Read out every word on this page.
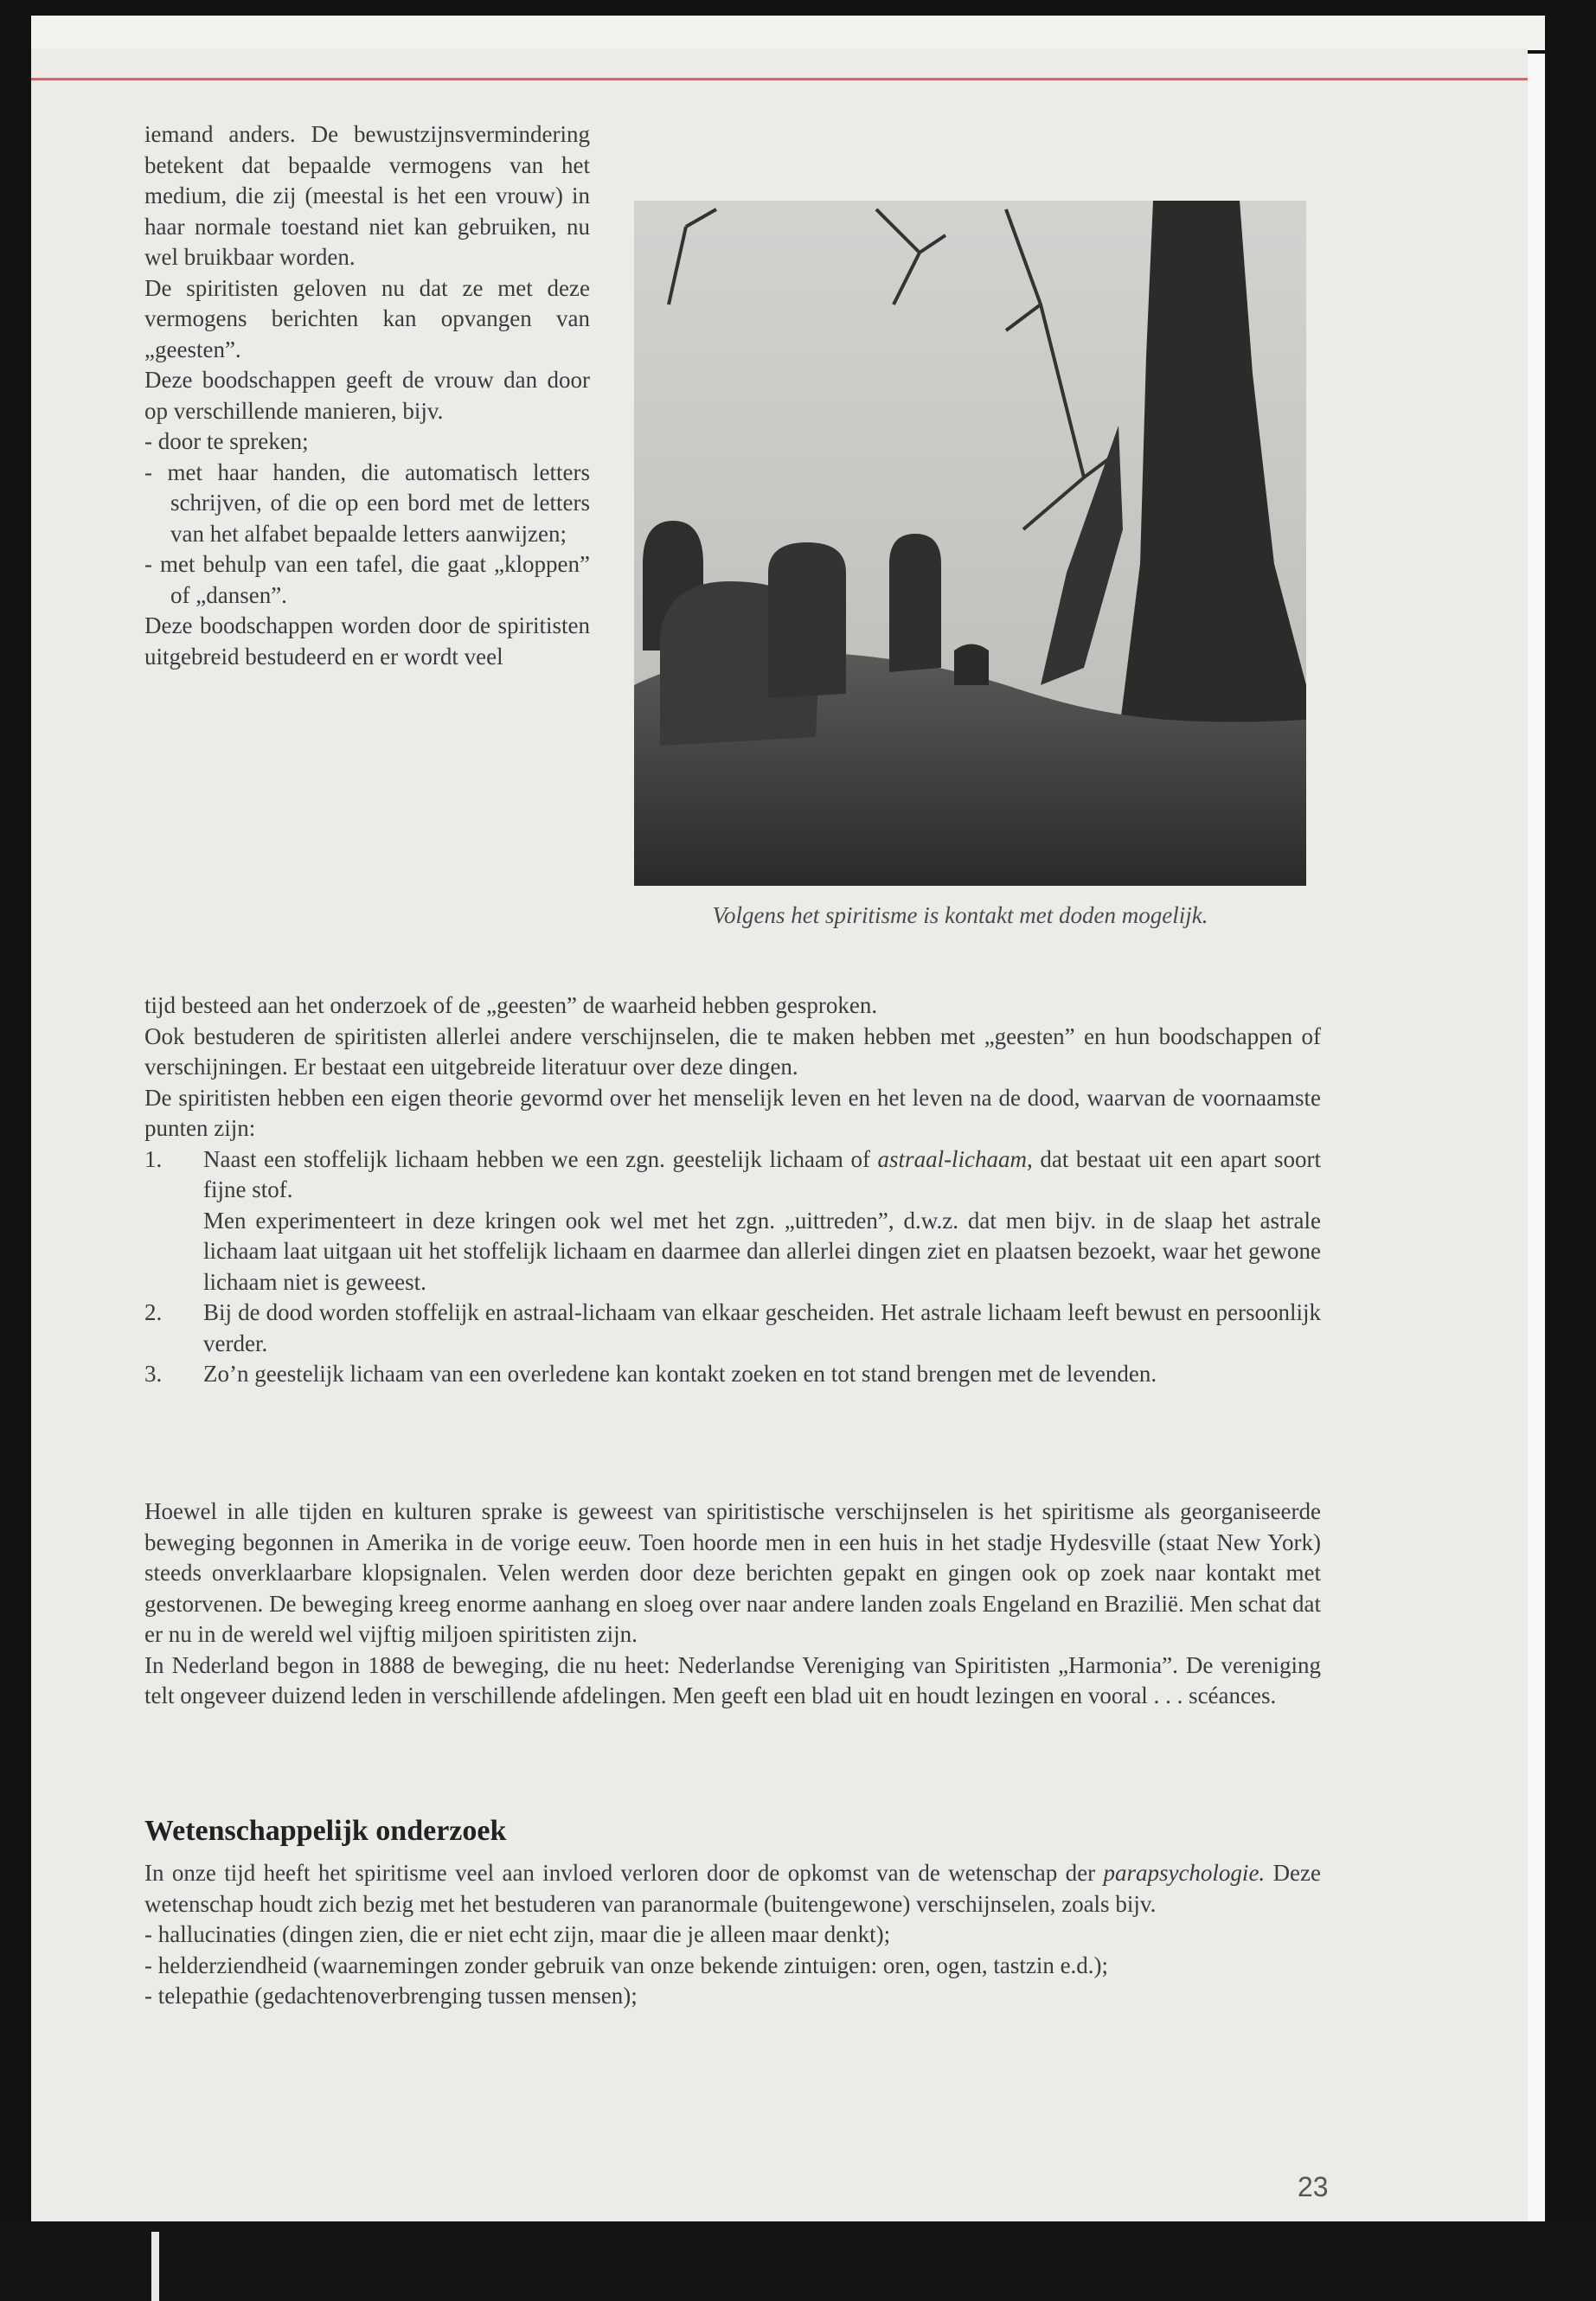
iemand anders. De bewustzijnsvermindering betekent dat bepaalde vermogens van het medium, die zij (meestal is het een vrouw) in haar normale toestand niet kan gebruiken, nu wel bruikbaar worden.

De spiritisten geloven nu dat ze met deze vermogens berichten kan opvangen van „geesten”.

Deze boodschappen geeft de vrouw dan door op verschillende manieren, bijv.

- door te spreken;

- met haar handen, die automatisch letters schrijven, of die op een bord met de letters van het alfabet bepaalde letters aanwijzen;

- met behulp van een tafel, die gaat „kloppen” of „dansen”.

Deze boodschappen worden door de spiritisten uitgebreid bestudeerd en er wordt veel

Volgens het spiritisme is kontakt met doden mogelijk.

tijd besteed aan het onderzoek of de „geesten” de waarheid hebben gesproken.

Ook bestuderen de spiritisten allerlei andere verschijnselen, die te maken hebben met „geesten” en hun boodschappen of verschijningen. Er bestaat een uitgebreide literatuur over deze dingen.

De spiritisten hebben een eigen theorie gevormd over het menselijk leven en het leven na de dood, waarvan de voornaamste punten zijn:

1. Naast een stoffelijk lichaam hebben we een zgn. geestelijk lichaam of astraal-lichaam, dat bestaat uit een apart soort fijne stof.

Men experimenteert in deze kringen ook wel met het zgn. „uittreden”, d.w.z. dat men bijv. in de slaap het astrale lichaam laat uitgaan uit het stoffelijk lichaam en daarmee dan allerlei dingen ziet en plaatsen bezoekt, waar het gewone lichaam niet is geweest.

2. Bij de dood worden stoffelijk en astraal-lichaam van elkaar gescheiden. Het astrale lichaam leeft bewust en persoonlijk verder.

3. Zo’n geestelijk lichaam van een overledene kan kontakt zoeken en tot stand brengen met de levenden.

Hoewel in alle tijden en kulturen sprake is geweest van spiritistische verschijnselen is het spiritisme als georganiseerde beweging begonnen in Amerika in de vorige eeuw. Toen hoorde men in een huis in het stadje Hydesville (staat New York) steeds onverklaarbare klopsignalen. Velen werden door deze berichten gepakt en gingen ook op zoek naar kontakt met gestorvenen. De beweging kreeg enorme aanhang en sloeg over naar andere landen zoals Engeland en Brazilië. Men schat dat er nu in de wereld wel vijftig miljoen spiritisten zijn.

In Nederland begon in 1888 de beweging, die nu heet: Nederlandse Vereniging van Spiritisten „Harmonia”. De vereniging telt ongeveer duizend leden in verschillende afdelingen. Men geeft een blad uit en houdt lezingen en vooral . . . scéances.

Wetenschappelijk onderzoek

In onze tijd heeft het spiritisme veel aan invloed verloren door de opkomst van de wetenschap der parapsychologie. Deze wetenschap houdt zich bezig met het bestuderen van paranormale (buitengewone) verschijnselen, zoals bijv.

- hallucinaties (dingen zien, die er niet echt zijn, maar die je alleen maar denkt);

- helderziendheid (waarnemingen zonder gebruik van onze bekende zintuigen: oren, ogen, tastzin e.d.);

- telepathie (gedachtenoverbrenging tussen mensen);

23
